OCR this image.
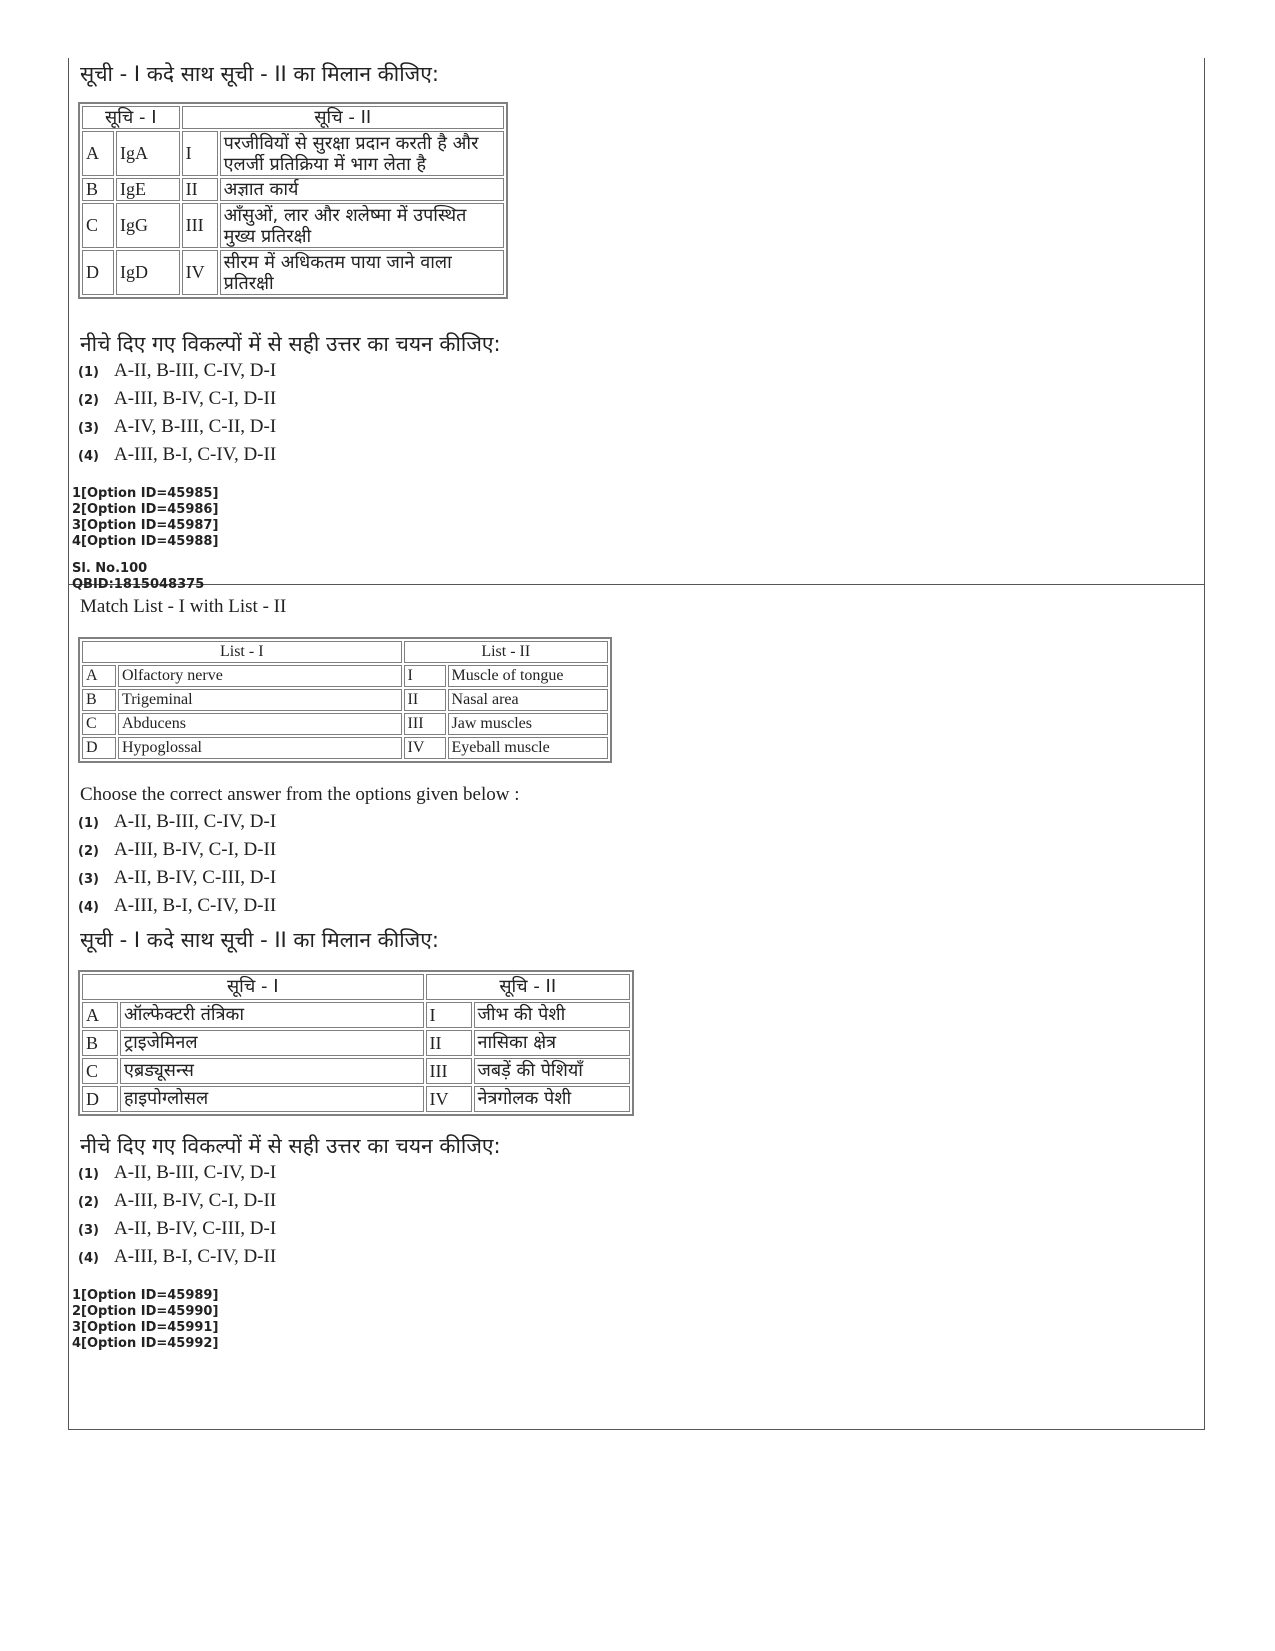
सूची - I कदे साथ सूची - II का मिलान कीजिए:
सूचि - I		सूचि - II	
A	IgA	I	परजीवियों से सुरक्षा प्रदान करती है और एलर्जी प्रतिक्रिया में भाग लेता है
B	IgE	II	अज्ञात कार्य
C	IgG	III	आँसुओं, लार और शलेष्मा में उपस्थित मुख्य प्रतिरक्षी
D	IgD	IV	सीरम में अधिकतम पाया जाने वाला प्रतिरक्षी
नीचे दिए गए विकल्पों में से सही उत्तर का चयन कीजिए:
(1) A-II, B-III, C-IV, D-I
(2) A-III, B-IV, C-I, D-II
(3) A-IV, B-III, C-II, D-I
(4) A-III, B-I, C-IV, D-II
1[Option ID=45985]
2[Option ID=45986]
3[Option ID=45987]
4[Option ID=45988]
Sl. No.100
QBID:1815048375
Match List - I with List - II
List - I		List - II	
A	Olfactory nerve	I	Muscle of tongue
B	Trigeminal	II	Nasal area
C	Abducens	III	Jaw muscles
D	Hypoglossal	IV	Eyeball muscle
Choose the correct answer from the options given below :
(1) A-II, B-III, C-IV, D-I
(2) A-III, B-IV, C-I, D-II
(3) A-II, B-IV, C-III, D-I
(4) A-III, B-I, C-IV, D-II
सूची - I कदे साथ सूची - II का मिलान कीजिए:
सूचि - I		सूचि - II	
A	ऑल्फेक्टरी तंत्रिका	I	जीभ की पेशी
B	ट्राइजेमिनल	II	नासिका क्षेत्र
C	एब्रड्यूसन्स	III	जबड़ें की पेशियाँ
D	हाइपोग्लोसल	IV	नेत्रगोलक पेशी
नीचे दिए गए विकल्पों में से सही उत्तर का चयन कीजिए:
(1) A-II, B-III, C-IV, D-I
(2) A-III, B-IV, C-I, D-II
(3) A-II, B-IV, C-III, D-I
(4) A-III, B-I, C-IV, D-II
1[Option ID=45989]
2[Option ID=45990]
3[Option ID=45991]
4[Option ID=45992]
